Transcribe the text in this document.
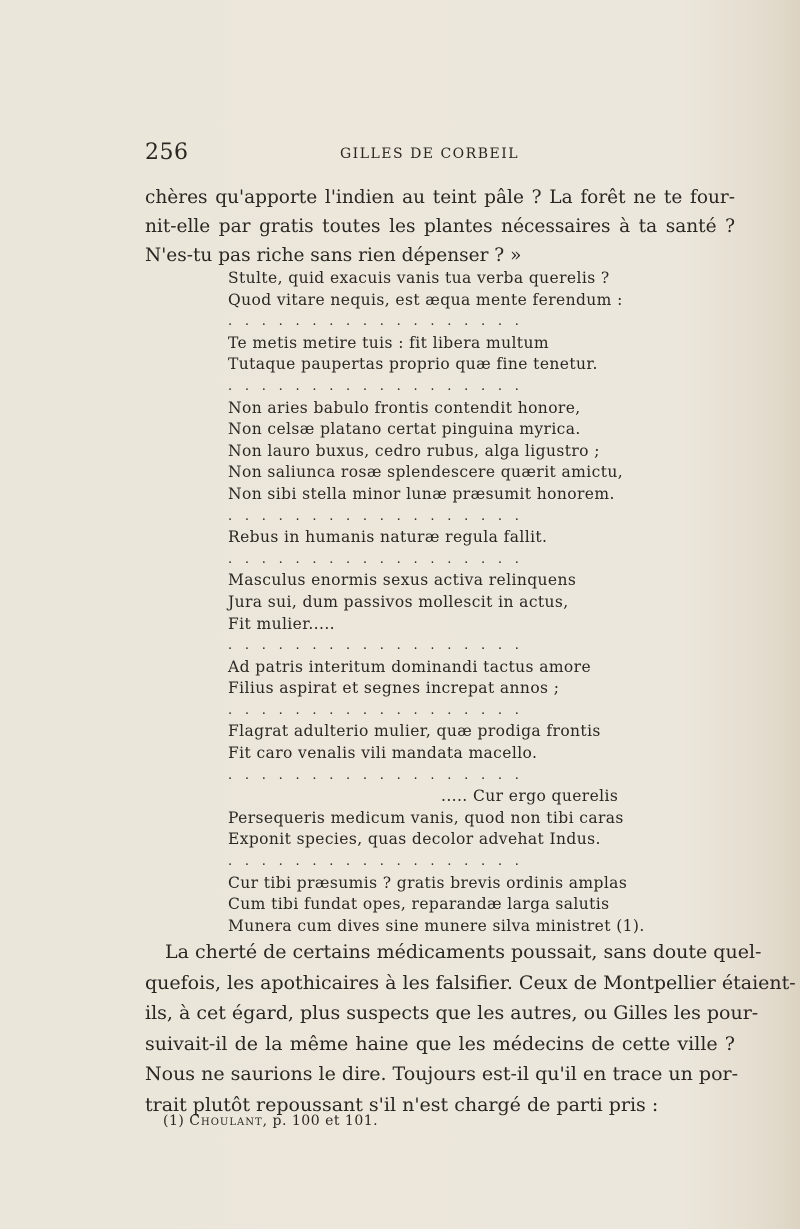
256	GILLES DE CORBEIL
chères qu'apporte l'indien au teint pâle ? La forêt ne te four-
nit-elle par gratis toutes les plantes nécessaires à ta santé ?
N'es-tu pas riche sans rien dépenser ? »
Stulte, quid exacuis vanis tua verba querelis ?
Quod vitare nequis, est æqua mente ferendum :
. . . . . . . . . . . . . . . . . .
Te metis metire tuis : fit libera multum
Tutaque paupertas proprio quæ fine tenetur.
. . . . . . . . . . . . . . . . . .
Non aries babulo frontis contendit honore,
Non celsæ platano certat pinguina myrica.
Non lauro buxus, cedro rubus, alga ligustro ;
Non saliunca rosæ splendescere quærit amictu,
Non sibi stella minor lunæ præsumit honorem.
. . . . . . . . . . . . . . . . . .
Rebus in humanis naturæ regula fallit.
. . . . . . . . . . . . . . . . . .
Masculus enormis sexus activa relinquens
Jura sui, dum passivos mollescit in actus,
Fit mulier.....
. . . . . . . . . . . . . . . . . .
Ad patris interitum dominandi tactus amore
Filius aspirat et segnes increpat annos ;
. . . . . . . . . . . . . . . . . .
Flagrat adulterio mulier, quæ prodiga frontis
Fit caro venalis vili mandata macello.
. . . . . . . . . . . . . . . . . .
..... Cur ergo querelis
Persequeris medicum vanis, quod non tibi caras
Exponit species, quas decolor advehat Indus.
. . . . . . . . . . . . . . . . . .
Cur tibi præsumis ? gratis brevis ordinis amplas
Cum tibi fundat opes, reparandæ larga salutis
Munera cum dives sine munere silva ministret (1).
La cherté de certains médicaments poussait, sans doute quel-
quefois, les apothicaires à les falsifier. Ceux de Montpellier étaient-
ils, à cet égard, plus suspects que les autres, ou Gilles les pour-
suivait-il de la même haine que les médecins de cette ville ?
Nous ne saurions le dire. Toujours est-il qu'il en trace un por-
trait plutôt repoussant s'il n'est chargé de parti pris :
(1) Choulant, p. 100 et 101.
